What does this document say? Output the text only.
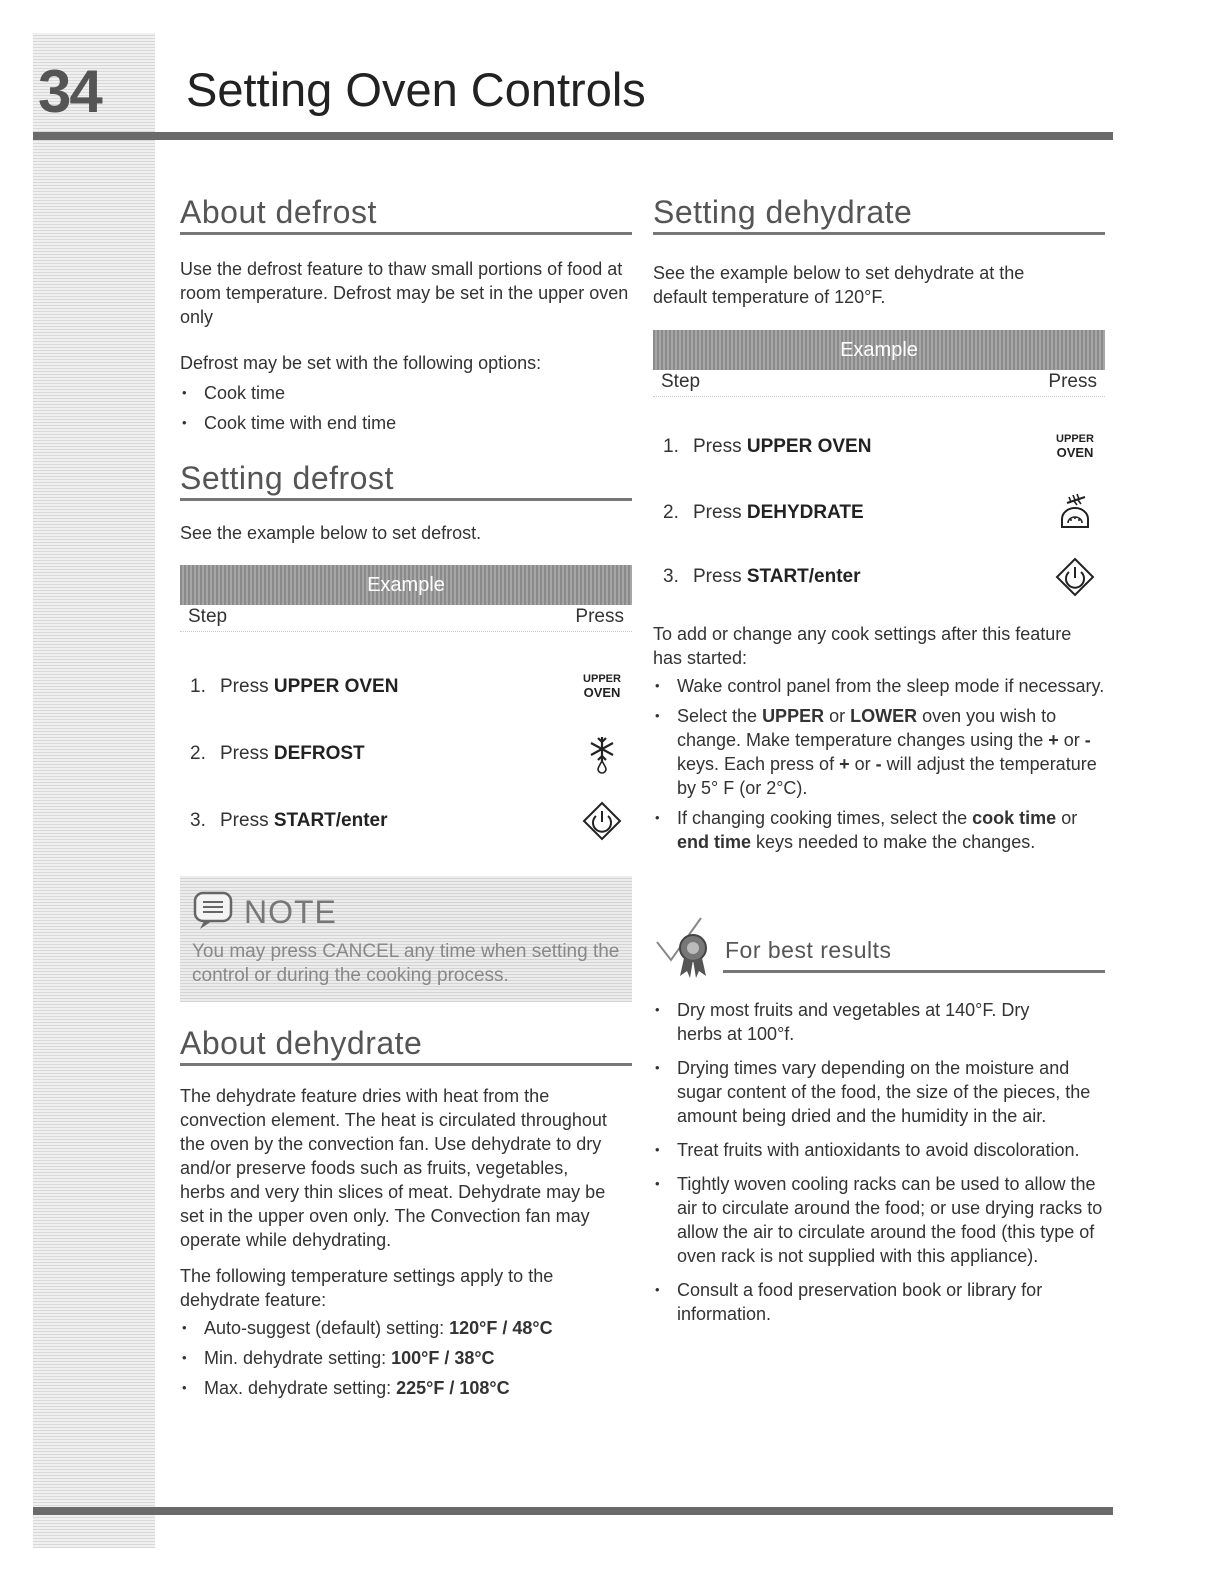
34 Setting Oven Controls
About defrost

Use the defrost feature to thaw small portions of food at room temperature. Defrost may be set in the upper oven only

Defrost may be set with the following options:

• Cook time
• Cook time with end time
Setting defrost

See the example below to set defrost.

Example
Step	Press
1. Press UPPER OVEN	UPPER
OVEN
2. Press DEFROST
3. Press START/enter
NOTE
You may press CANCEL any time when setting the control or during the cooking process.
About dehydrate

The dehydrate feature dries with heat from the convection element. The heat is circulated throughout the oven by the convection fan. Use dehydrate to dry and/or preserve foods such as fruits, vegetables, herbs and very thin slices of meat. Dehydrate may be set in the upper oven only. The Convection fan may operate while dehydrating.

The following temperature settings apply to the dehydrate feature:

• Auto-suggest (default) setting: 120°F / 48°C
• Min. dehydrate setting: 100°F / 38°C
• Max. dehydrate setting: 225°F / 108°C
Setting dehydrate

See the example below to set dehydrate at the default temperature of 120°F.

Example
Step	Press
1. Press UPPER OVEN	UPPER
OVEN
2. Press DEHYDRATE
3. Press START/enter

To add or change any cook settings after this feature has started:

• Wake control panel from the sleep mode if necessary.
• Select the UPPER or LOWER oven you wish to change. Make temperature changes using the + or - keys. Each press of + or - will adjust the temperature by 5° F (or 2°C).
• If changing cooking times, select the cook time or end time keys needed to make the changes.
For best results
• Dry most fruits and vegetables at 140°F. Dry herbs at 100°f.
• Drying times vary depending on the moisture and sugar content of the food, the size of the pieces, the amount being dried and the humidity in the air.
• Treat fruits with antioxidants to avoid discoloration.
• Tightly woven cooling racks can be used to allow the air to circulate around the food; or use drying racks to allow the air to circulate around the food (this type of oven rack is not supplied with this appliance).
• Consult a food preservation book or library for information.
